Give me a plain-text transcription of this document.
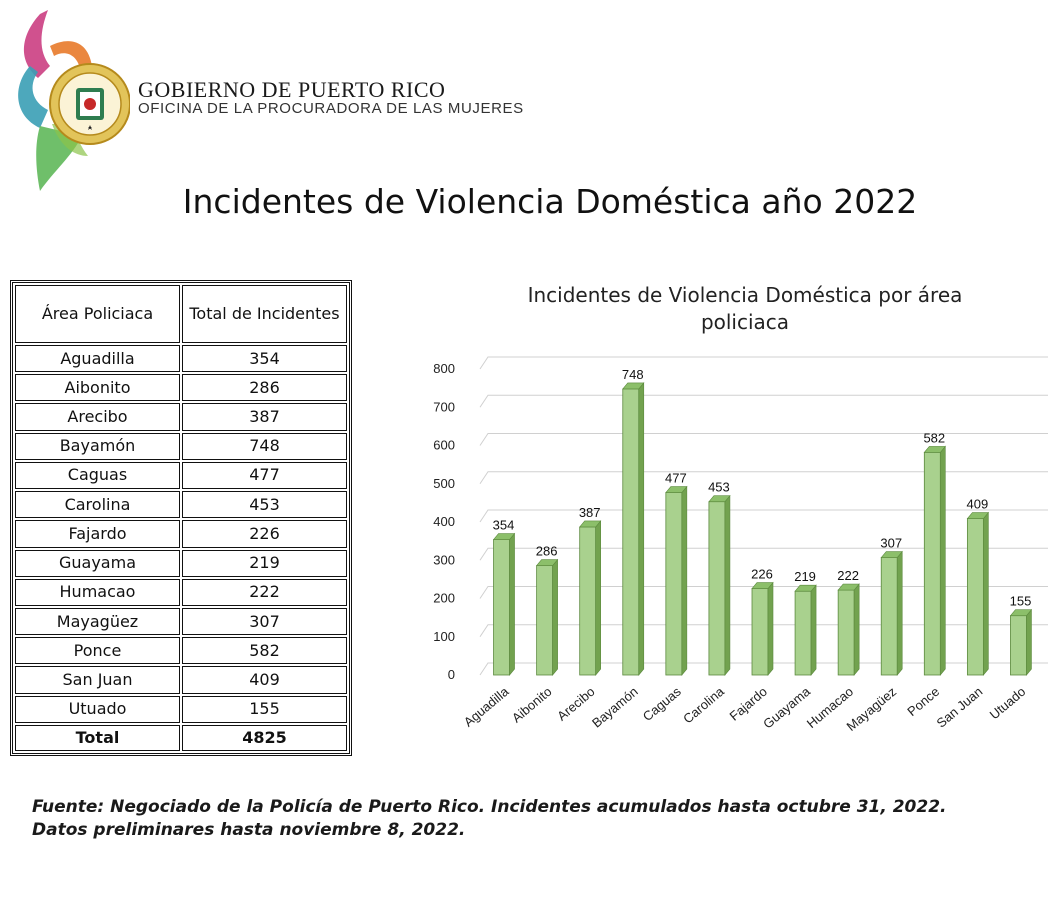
GOBIERNO DE PUERTO RICO
OFICINA DE LA PROCURADORA DE LAS MUJERES
Incidentes de Violencia Doméstica año 2022
Área Policiaca	Total de Incidentes
Aguadilla	354
Aibonito	286
Arecibo	387
Bayamón	748
Caguas	477
Carolina	453
Fajardo	226
Guayama	219
Humacao	222
Mayagüez	307
Ponce	582
San Juan	409
Utuado	155
Total	4825
Incidentes de Violencia Doméstica por área
policiaca
0
100
200
300
400
500
600
700
800
354
286
387
748
477
453
226 219 222
307
582
409
155
Aguadilla
Aibonito Arecibo
Bayamón Caguas
Carolina Fajardo
Guayama
Humacao
Mayagüez Ponce
San Juan Utuado
Fuente: Negociado de la Policía de Puerto Rico. Incidentes acumulados hasta octubre 31, 2022.
Datos preliminares hasta noviembre 8, 2022.
